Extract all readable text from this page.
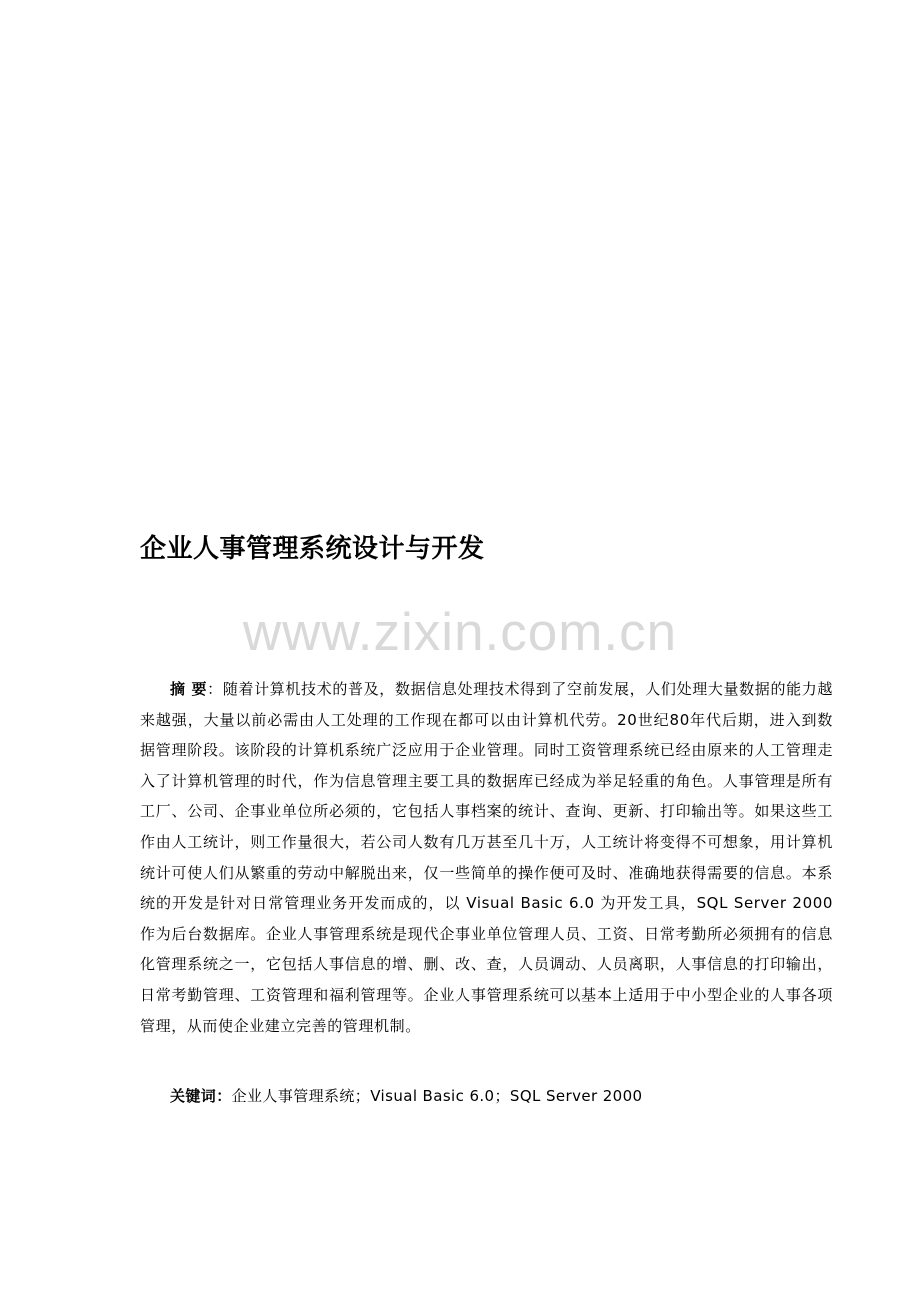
企业人事管理系统设计与开发
www.zixin.com.cn

摘 要：随着计算机技术的普及，数据信息处理技术得到了空前发展，人们处理大量数据的能力越来越强，大量以前必需由人工处理的工作现在都可以由计算机代劳。20世纪80年代后期，进入到数据管理阶段。该阶段的计算机系统广泛应用于企业管理。同时工资管理系统已经由原来的人工管理走入了计算机管理的时代，作为信息管理主要工具的数据库已经成为举足轻重的角色。人事管理是所有工厂、公司、企事业单位所必须的，它包括人事档案的统计、查询、更新、打印输出等。如果这些工作由人工统计，则工作量很大，若公司人数有几万甚至几十万，人工统计将变得不可想象，用计算机统计可使人们从繁重的劳动中解脱出来，仅一些简单的操作便可及时、准确地获得需要的信息。本系统的开发是针对日常管理业务开发而成的，以 Visual Basic 6.0 为开发工具，SQL Server 2000 作为后台数据库。企业人事管理系统是现代企事业单位管理人员、工资、日常考勤所必须拥有的信息化管理系统之一，它包括人事信息的增、删、改、查，人员调动、人员离职，人事信息的打印输出，日常考勤管理、工资管理和福利管理等。企业人事管理系统可以基本上适用于中小型企业的人事各项管理，从而使企业建立完善的管理机制。

关键词：企业人事管理系统；Visual Basic 6.0；SQL Server 2000
